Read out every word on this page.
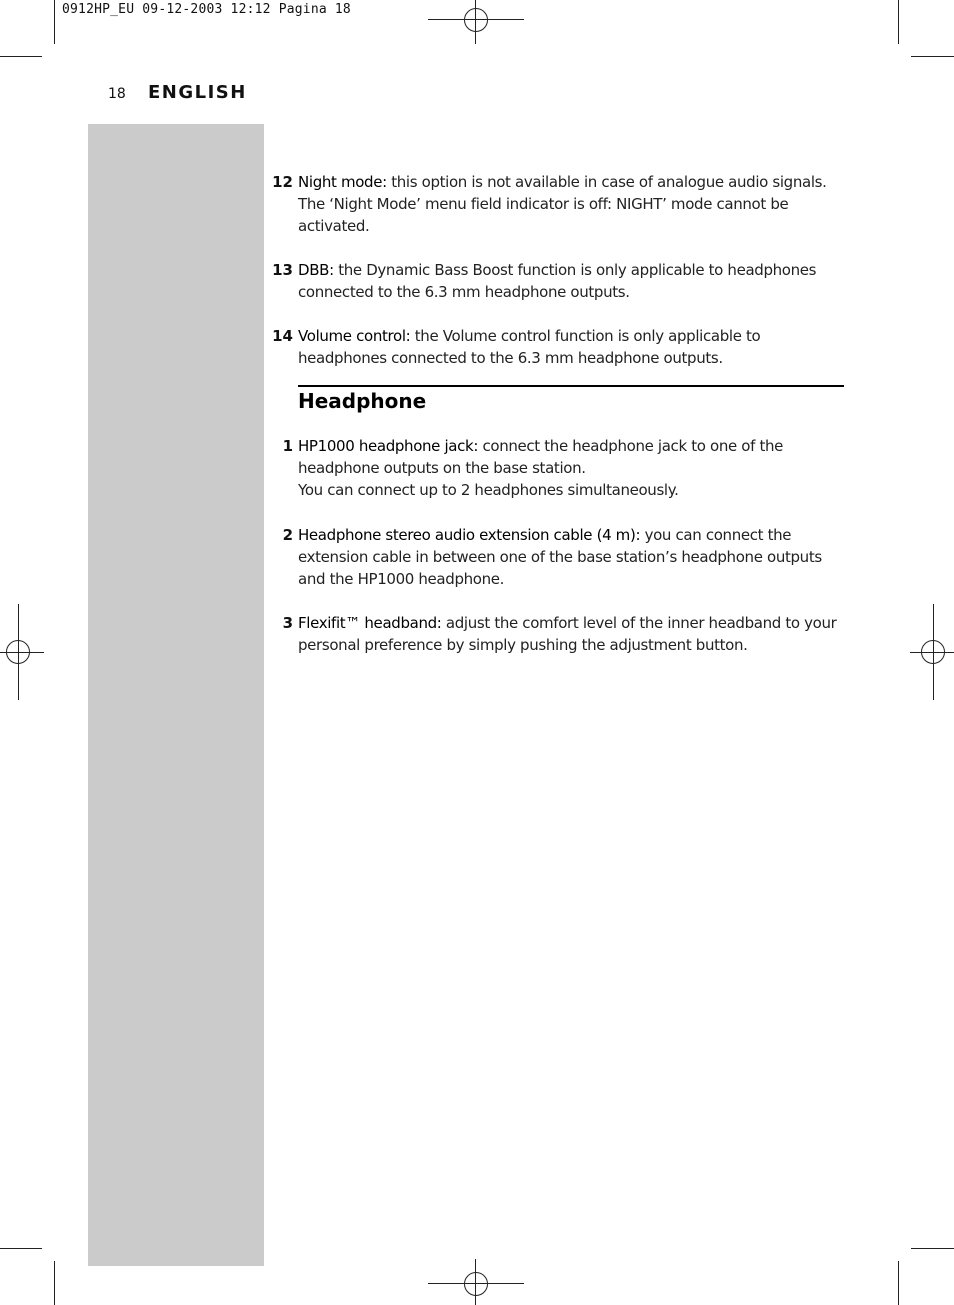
0912HP_EU 09-12-2003 12:12 Pagina 18
18 ENGLISH
12 Night mode: this option is not available in case of analogue audio signals.
The ‘Night Mode’ menu field indicator is off: NIGHT’ mode cannot be
activated.
13 DBB: the Dynamic Bass Boost function is only applicable to headphones
connected to the 6.3 mm headphone outputs.
14 Volume control: the Volume control function is only applicable to
headphones connected to the 6.3 mm headphone outputs.
Headphone
1 HP1000 headphone jack: connect the headphone jack to one of the
headphone outputs on the base station.
You can connect up to 2 headphones simultaneously.
2 Headphone stereo audio extension cable (4 m): you can connect the
extension cable in between one of the base station’s headphone outputs
and the HP1000 headphone.
3 Flexifit™ headband: adjust the comfort level of the inner headband to your
personal preference by simply pushing the adjustment button.
